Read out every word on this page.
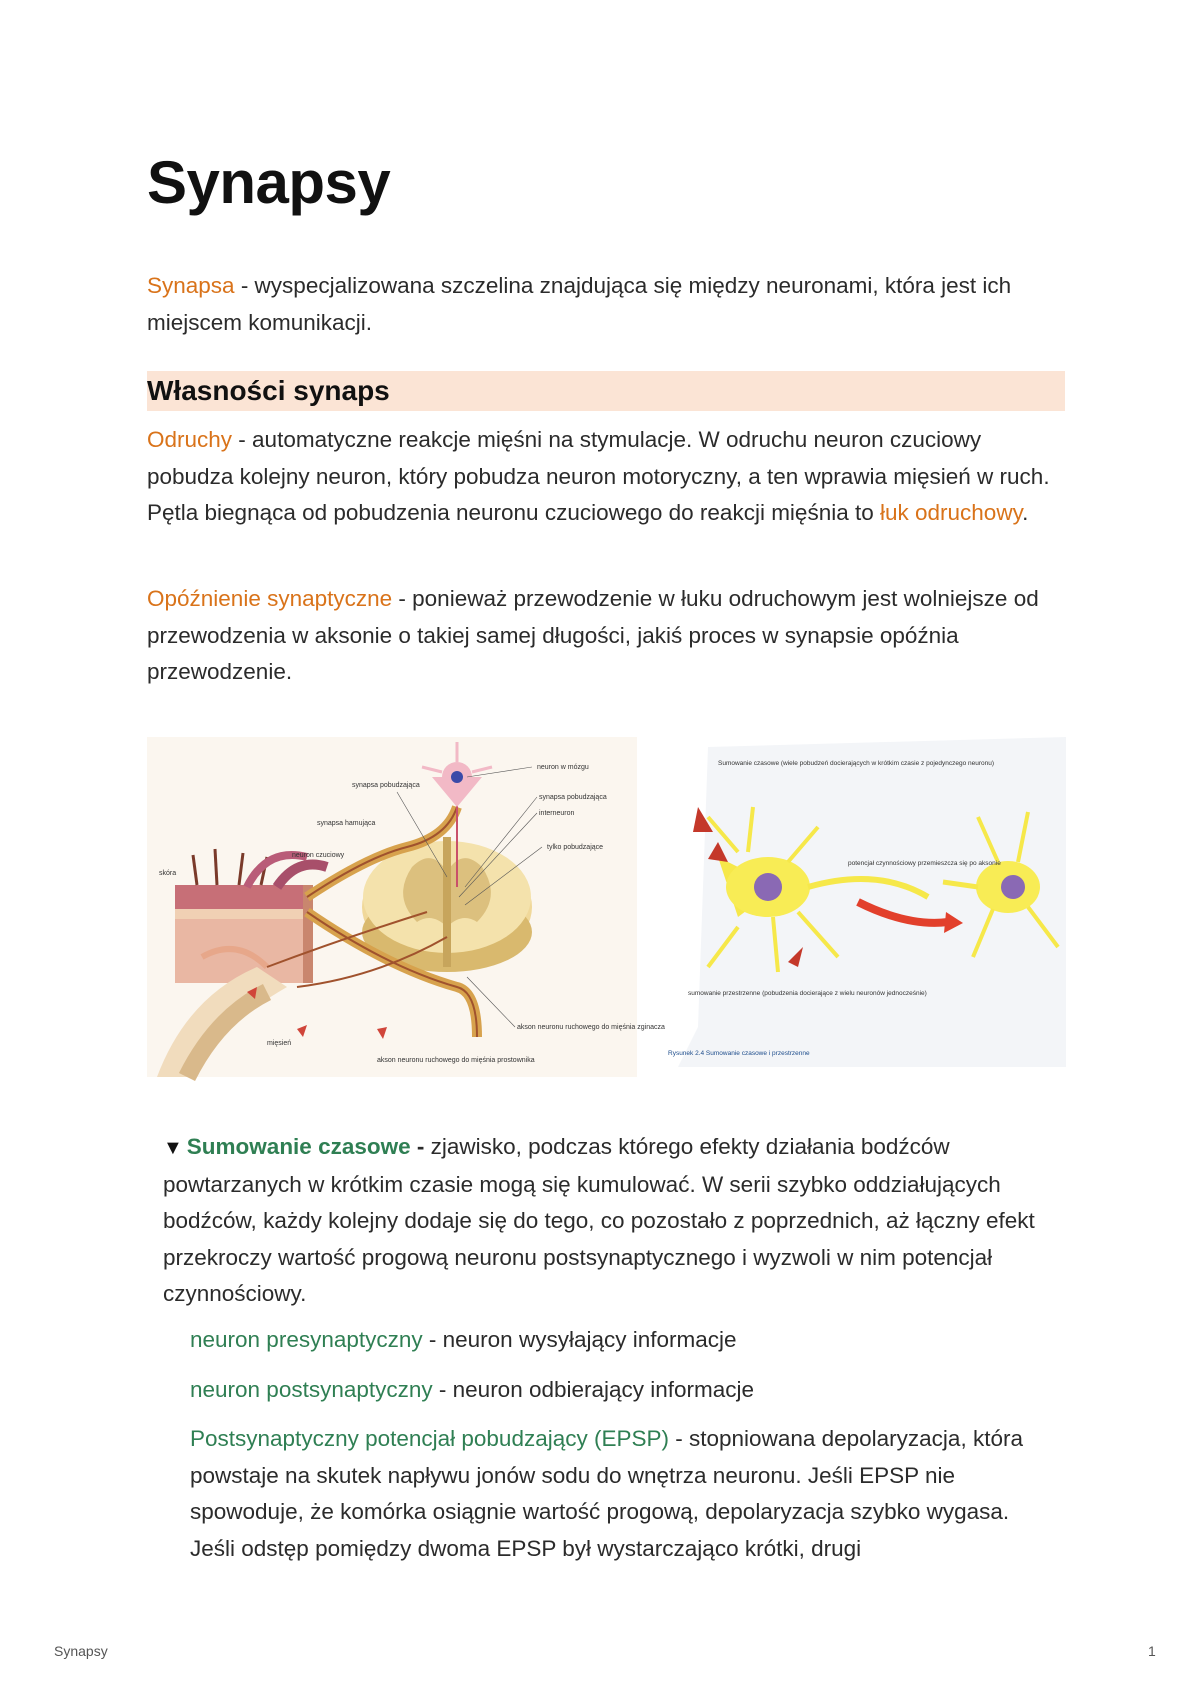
Synapsy

Synapsa - wyspecjalizowana szczelina znajdująca się między neuronami, która jest ich miejscem komunikacji.

Własności synaps

Odruchy - automatyczne reakcje mięśni na stymulacje. W odruchu neuron czuciowy pobudza kolejny neuron, który pobudza neuron motoryczny, a ten wprawia mięsień w ruch. Pętla biegnąca od pobudzenia neuronu czuciowego do reakcji mięśnia to łuk odruchowy.

Opóźnienie synaptyczne - ponieważ przewodzenie w łuku odruchowym jest wolniejsze od przewodzenia w aksonie o takiej samej długości, jakiś proces w synapsie opóźnia przewodzenie.

neuron w mózgu
synapsa pobudzająca
synapsa pobudzająca
interneuron
synapsa hamująca
neuron czuciowy
tylko pobudzające
skóra
mięsień
akson neuronu ruchowego do mięśnia zginacza
akson neuronu ruchowego do mięśnia prostownika
Sumowanie czasowe (wiele pobudzeń docierających w krótkim czasie z pojedynczego neuronu)
potencjał czynnościowy przemieszcza się po aksonie
sumowanie przestrzenne (pobudzenia docierające z wielu neuronów jednocześnie)
Rysunek 2.4 Sumowanie czasowe i przestrzenne

▼ Sumowanie czasowe - zjawisko, podczas którego efekty działania bodźców powtarzanych w krótkim czasie mogą się kumulować. W serii szybko oddziałujących bodźców, każdy kolejny dodaje się do tego, co pozostało z poprzednich, aż łączny efekt przekroczy wartość progową neuronu postsynaptycznego i wyzwoli w nim potencjał czynnościowy.

neuron presynaptyczny - neuron wysyłający informacje

neuron postsynaptyczny - neuron odbierający informacje

Postsynaptyczny potencjał pobudzający (EPSP) - stopniowana depolaryzacja, która powstaje na skutek napływu jonów sodu do wnętrza neuronu. Jeśli EPSP nie spowoduje, że komórka osiągnie wartość progową, depolaryzacja szybko wygasa. Jeśli odstęp pomiędzy dwoma EPSP był wystarczająco krótki, drugi

Synapsy	1
